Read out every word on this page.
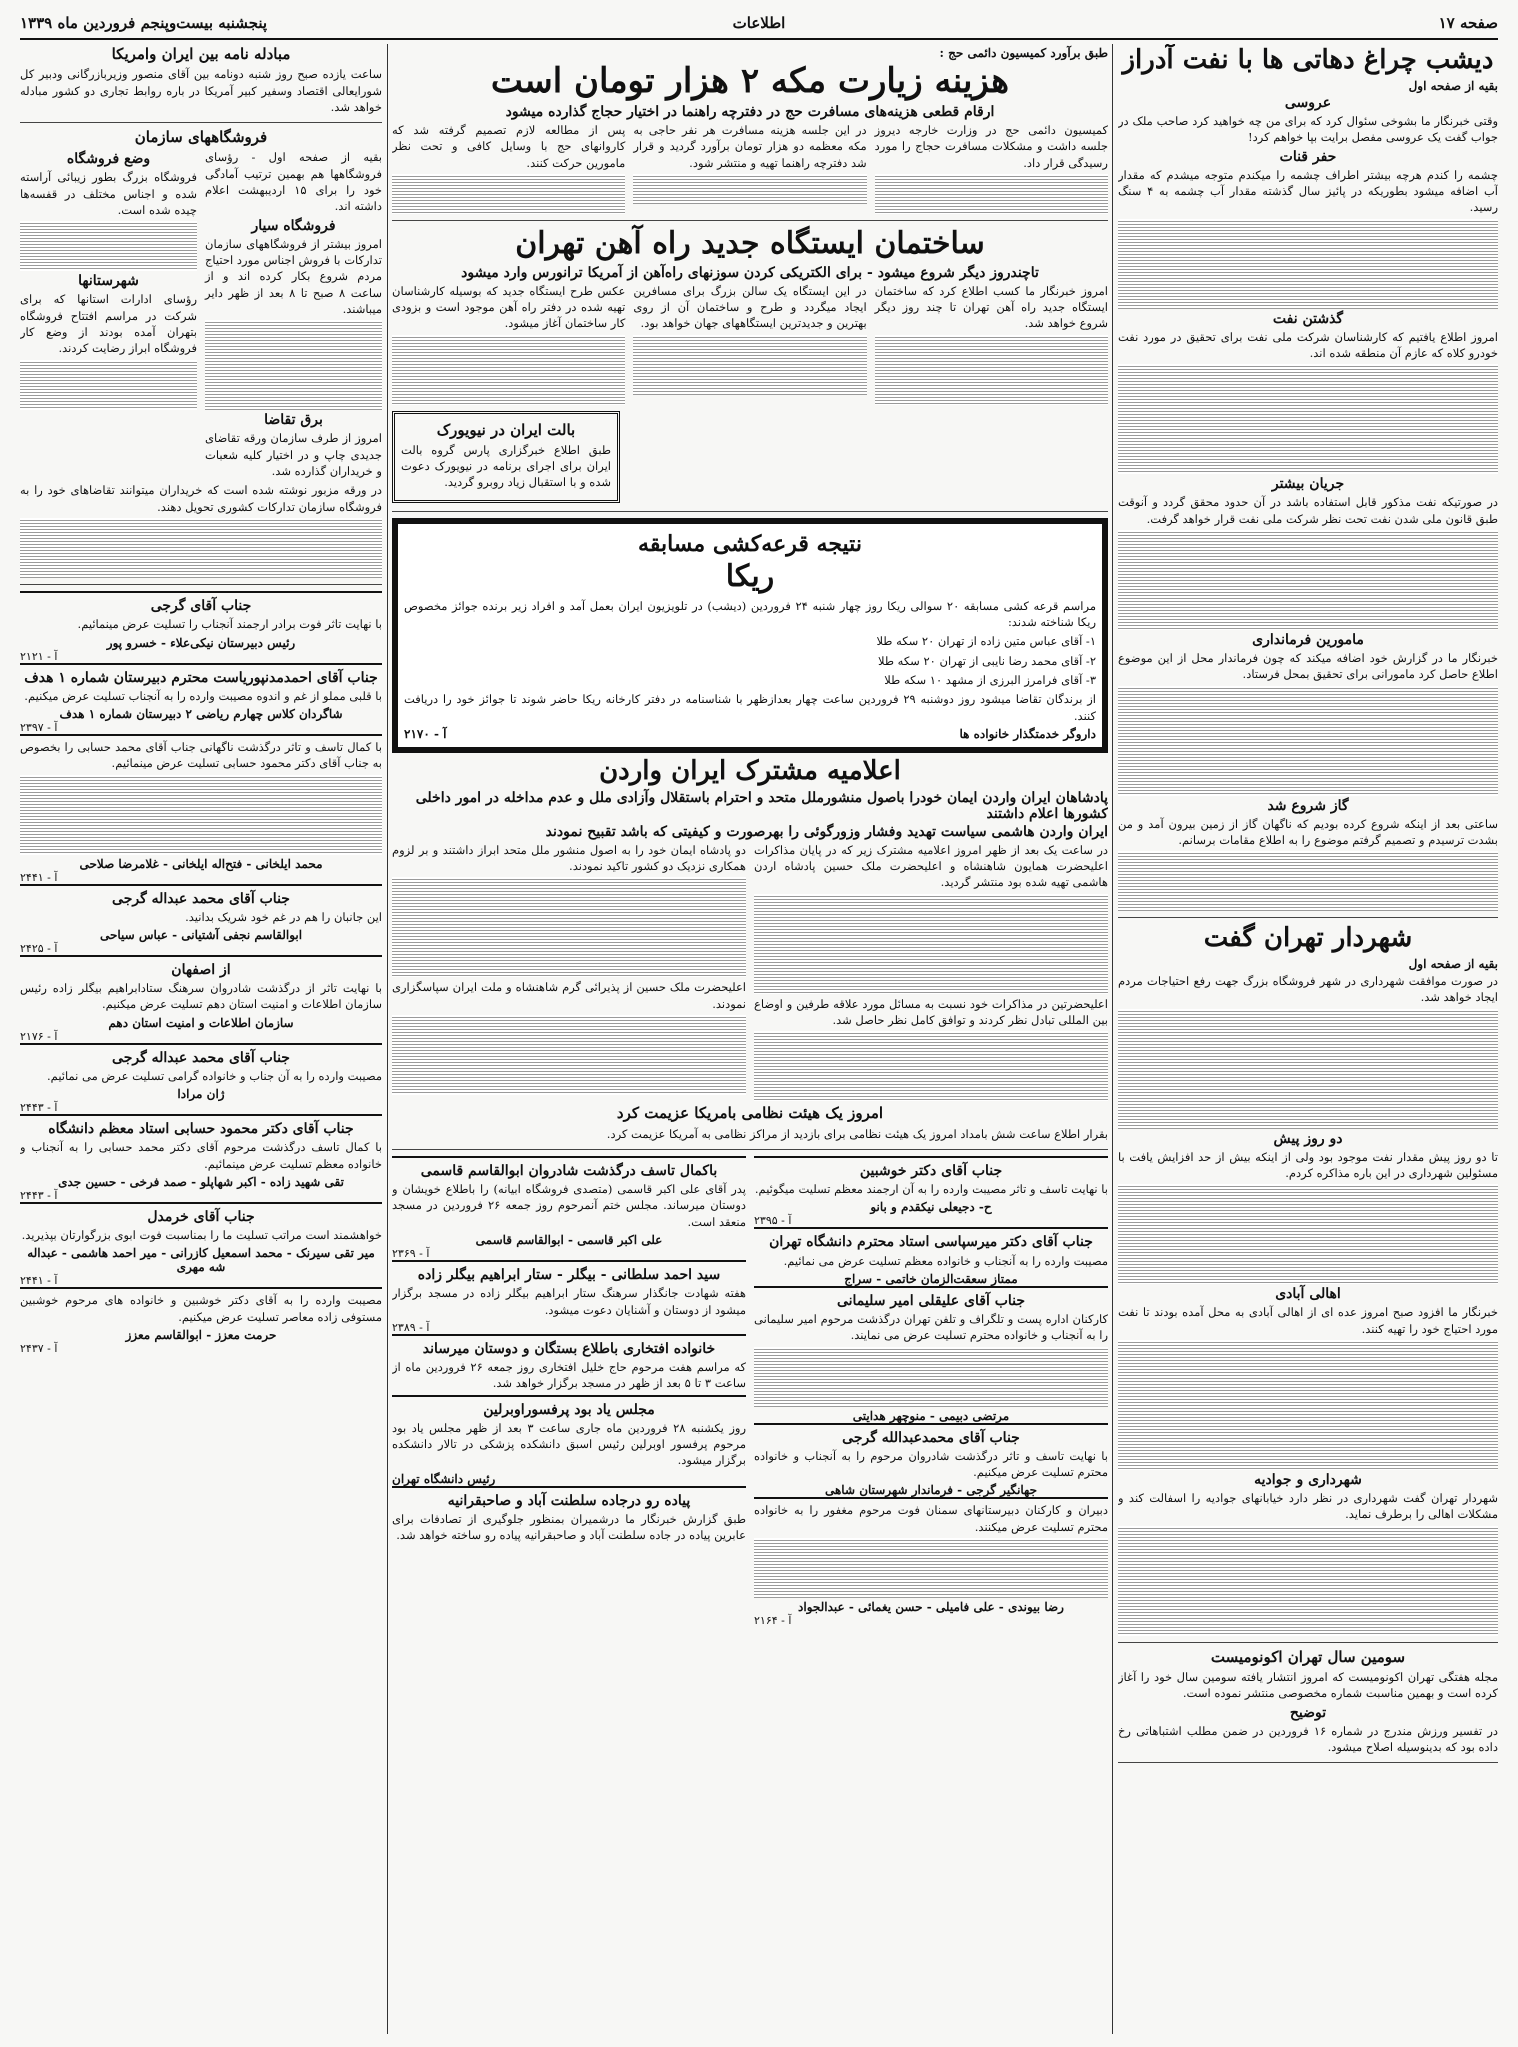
صفحه ۱۷
اطلاعات
پنجشنبه بیست‌وپنجم فروردین ماه ۱۳۳۹
دیشب چراغ دهاتی ها با نفت آدراز
بقیه از صفحه اول
عروسی

وقتی خبرنگار ما بشوخی سئوال کرد که برای من چه خواهید کرد صاحب ملک در جواب گفت یک عروسی مفصل برایت بپا خواهم کرد!

حفر قنات

چشمه را کندم هرچه بیشتر اطراف چشمه را میکندم متوجه میشدم که مقدار آب اضافه میشود بطوریکه در پائیز سال گذشته مقدار آب چشمه به ۴ سنگ رسید.

گذشتن نفت

امروز اطلاع یافتیم که کارشناسان شرکت ملی نفت برای تحقیق در مورد نفت خودرو کلاه که عازم آن منطقه شده اند.

جریان بیشتر

در صورتیکه نفت مذکور قابل استفاده باشد در آن حدود محقق گردد و آنوقت طبق قانون ملی شدن نفت تحت نظر شرکت ملی نفت قرار خواهد گرفت.

مامورین فرمانداری

خبرنگار ما در گزارش خود اضافه میکند که چون فرماندار محل از این موضوع اطلاع حاصل کرد مامورانی برای تحقیق بمحل فرستاد.

گاز شروع شد

ساعتی بعد از اینکه شروع کرده بودیم که ناگهان گاز از زمین بیرون آمد و من بشدت ترسیدم و تصمیم گرفتم موضوع را به اطلاع مقامات برسانم.

شهردار تهران گفت
بقیه از صفحه اول

در صورت موافقت شهرداری در شهر فروشگاه بزرگ جهت رفع احتیاجات مردم ایجاد خواهد شد.

دو روز پیش

تا دو روز پیش مقدار نفت موجود بود ولی از اینکه بیش از حد افزایش یافت با مسئولین شهرداری در این باره مذاکره کردم.

اهالی آبادی

خبرنگار ما افزود صبح امروز عده ای از اهالی آبادی به محل آمده بودند تا نفت مورد احتیاج خود را تهیه کنند.

شهرداری و جوادیه

شهردار تهران گفت شهرداری در نظر دارد خیابانهای جوادیه را اسفالت کند و مشکلات اهالی را برطرف نماید.

سومین سال تهران اکونومیست

مجله هفتگی تهران اکونومیست که امروز انتشار یافته سومین سال خود را آغاز کرده است و بهمین مناسبت شماره مخصوصی منتشر نموده است.

توضیح

در تفسیر ورزش مندرج در شماره ۱۶ فروردین در ضمن مطلب اشتباهاتی رخ داده بود که بدینوسیله اصلاح میشود.

طبق برآورد کمیسیون دائمی حج :
هزینه زیارت مکه ۲ هزار تومان است
ارقام قطعی هزینه‌های مسافرت حج در دفترچه راهنما در اختیار حجاج گذارده میشود

کمیسیون دائمی حج در وزارت خارجه دیروز جلسه داشت و مشکلات مسافرت حجاج را مورد رسیدگی قرار داد.

در این جلسه هزینه مسافرت هر نفر حاجی به مکه معظمه دو هزار تومان برآورد گردید و قرار شد دفترچه راهنما تهیه و منتشر شود.

پس از مطالعه لازم تصمیم گرفته شد که کاروانهای حج با وسایل کافی و تحت نظر مامورین حرکت کنند.

ساختمان ایستگاه جدید راه آهن تهران
تاچندروز دیگر شروع میشود - برای الکتریکی کردن سوزنهای راه‌آهن از آمریکا ترانورس وارد میشود

امروز خبرنگار ما کسب اطلاع کرد که ساختمان ایستگاه جدید راه آهن تهران تا چند روز دیگر شروع خواهد شد.

در این ایستگاه یک سالن بزرگ برای مسافرین ایجاد میگردد و طرح و ساختمان آن از روی بهترین و جدیدترین ایستگاههای جهان خواهد بود.

عکس طرح ایستگاه جدید که بوسیله کارشناسان تهیه شده در دفتر راه آهن موجود است و بزودی کار ساختمان آغاز میشود.

بالت ایران در نیویورک

طبق اطلاع خبرگزاری پارس گروه بالت ایران برای اجرای برنامه در نیویورک دعوت شده و با استقبال زیاد روبرو گردید.

نتیجه قرعه‌کشی مسابقه
ریکا

مراسم قرعه کشی مسابقه ۲۰ سوالی ریکا روز چهار شنبه ۲۴ فروردین (دیشب) در تلویزیون ایران بعمل آمد و افراد زیر برنده جوائز مخصوص ریکا شناخته شدند:

۱- آقای عباس متین زاده از تهران ۲۰ سکه طلا

۲- آقای محمد رضا نایبی از تهران ۲۰ سکه طلا

۳- آقای فرامرز البرزی از مشهد ۱۰ سکه طلا

از برندگان تقاضا میشود روز دوشنبه ۲۹ فروردین ساعت چهار بعدازظهر با شناسنامه در دفتر کارخانه ریکا حاضر شوند تا جوائز خود را دریافت کنند.

داروگر خدمتگذار خانواده ها
آ - ۲۱۷۰
اعلامیه مشترک ایران واردن
پادشاهان ایران واردن ایمان خودرا باصول منشورملل متحد و احترام باستقلال وآزادی ملل و عدم مداخله در امور داخلی کشورها اعلام داشتند
ایران واردن هاشمی سیاست تهدید وفشار وزورگوئی را بهرصورت و کیفیتی که باشد تقبیح نمودند

در ساعت یک بعد از ظهر امروز اعلامیه مشترک زیر که در پایان مذاکرات اعلیحضرت همایون شاهنشاه و اعلیحضرت ملک حسین پادشاه اردن هاشمی تهیه شده بود منتشر گردید.

اعلیحضرتین در مذاکرات خود نسبت به مسائل مورد علاقه طرفین و اوضاع بین المللی تبادل نظر کردند و توافق کامل نظر حاصل شد.

دو پادشاه ایمان خود را به اصول منشور ملل متحد ابراز داشتند و بر لزوم همکاری نزدیک دو کشور تاکید نمودند.

اعلیحضرت ملک حسین از پذیرائی گرم شاهنشاه و ملت ایران سپاسگزاری نمودند.

امروز یک هیئت نظامی بامریکا عزیمت کرد

بقرار اطلاع ساعت شش بامداد امروز یک هیئت نظامی برای بازدید از مراکز نظامی به آمریکا عزیمت کرد.

جناب آقای دکتر خوشبین

با نهایت تاسف و تاثر مصیبت وارده را به آن ارجمند معظم تسلیت میگوئیم.

ح- دجیعلی نیکقدم و بانو
آ - ۲۳۹۵
جناب آقای دکتر میرسپاسی استاد محترم دانشگاه تهران

مصیبت وارده را به آنجناب و خانواده معظم تسلیت عرض می نمائیم.

ممتاز سعقت‌الزمان خاتمی - سراج
جناب آقای علیقلی امیر سلیمانی

کارکنان اداره پست و تلگراف و تلفن تهران درگذشت مرحوم امیر سلیمانی را به آنجناب و خانواده محترم تسلیت عرض می نمایند.

مرتضی دبیمی - منوچهر هدایتی
جناب آقای محمدعبدالله گرجی

با نهایت تاسف و تاثر درگذشت شادروان مرحوم را به آنجناب و خانواده محترم تسلیت عرض میکنیم.

جهانگیر گرجی - فرماندار شهرستان شاهی

دبیران و کارکنان دبیرستانهای سمنان فوت مرحوم مغفور را به خانواده محترم تسلیت عرض میکنند.

رضا بیوندی - علی فامیلی - حسن یغمائی - عبدالجواد
آ - ۲۱۶۴
باکمال تاسف درگذشت شادروان ابوالقاسم قاسمی

پدر آقای علی اکبر قاسمی (متصدی فروشگاه ابیانه) را باطلاع خویشان و دوستان میرساند. مجلس ختم آنمرحوم روز جمعه ۲۶ فروردین در مسجد منعقد است.

علی اکبر قاسمی - ابوالقاسم قاسمی
آ - ۲۳۶۹
سید احمد سلطانی - بیگلر - ستار ابراهیم بیگلر زاده

هفته شهادت جانگذار سرهنگ ستار ابراهیم بیگلر زاده در مسجد برگزار میشود از دوستان و آشنایان دعوت میشود.

آ - ۲۳۸۹
خانواده افتخاری باطلاع بستگان و دوستان میرساند

که مراسم هفت مرحوم حاج خلیل افتخاری روز جمعه ۲۶ فروردین ماه از ساعت ۳ تا ۵ بعد از ظهر در مسجد برگزار خواهد شد.

مجلس یاد بود پرفسوراوبرلین

روز یکشنبه ۲۸ فروردین ماه جاری ساعت ۳ بعد از ظهر مجلس یاد بود مرحوم پرفسور اوبرلین رئیس اسبق دانشکده پزشکی در تالار دانشکده برگزار میشود.

رئیس دانشگاه تهران
پیاده رو درجاده سلطنت آباد و صاحبقرانیه

طبق گزارش خبرنگار ما درشمیران بمنظور جلوگیری از تصادفات برای عابرین پیاده در جاده سلطنت آباد و صاحبقرانیه پیاده رو ساخته خواهد شد.

مبادله نامه بین ایران وامریکا

ساعت یازده صبح روز شنبه دونامه بین آقای منصور وزیربازرگانی ودبیر کل شورایعالی اقتصاد وسفیر کبیر آمریکا در باره روابط تجاری دو کشور مبادله خواهد شد.

فروشگاههای سازمان

بقیه از صفحه اول - رؤسای فروشگاهها هم بهمین ترتیب آمادگی خود را برای ۱۵ اردیبهشت اعلام داشته اند.

فروشگاه سیار

امروز بیشتر از فروشگاههای سازمان تدارکات با فروش اجناس مورد احتیاج مردم شروع بکار کرده اند و از ساعت ۸ صبح تا ۸ بعد از ظهر دایر میباشند.

برق تقاضا

امروز از طرف سازمان ورقه تقاضای جدیدی چاپ و در اختیار کلیه شعبات و خریداران گذارده شد.

وضع فروشگاه

فروشگاه بزرگ بطور زیبائی آراسته شده و اجناس مختلف در قفسه‌ها چیده شده است.

شهرستانها

رؤسای ادارات استانها که برای شرکت در مراسم افتتاح فروشگاه بتهران آمده بودند از وضع کار فروشگاه ابراز رضایت کردند.

در ورقه مزبور نوشته شده است که خریداران میتوانند تقاضاهای خود را به فروشگاه سازمان تدارکات کشوری تحویل دهند.

جناب آقای گرجی

با نهایت تاثر فوت برادر ارجمند آنجناب را تسلیت عرض مینمائیم.

رئیس دبیرستان نیکی‌علاء - خسرو پور
آ - ۲۱۲۱
جناب آقای احمدمدنپوریاست محترم دبیرستان شماره ۱ هدف

با قلبی مملو از غم و اندوه مصیبت وارده را به آنجناب تسلیت عرض میکنیم.

شاگردان کلاس چهارم ریاضی ۲ دبیرستان شماره ۱ هدف
آ - ۲۳۹۷

با کمال تاسف و تاثر درگذشت ناگهانی جناب آقای محمد حسابی را بخصوص به جناب آقای دکتر محمود حسابی تسلیت عرض مینمائیم.

محمد ایلخانی - فتح‌اله ایلخانی - غلامرضا صلاحی
آ - ۲۴۴۱
جناب آقای محمد عبداله گرجی

این جانبان را هم در غم خود شریک بدانید.

ابوالقاسم نجفی آشتیانی - عباس سیاحی
آ - ۲۴۲۵
از اصفهان

با نهایت تاثر از درگذشت شادروان سرهنگ ستادابراهیم بیگلر زاده رئیس سازمان اطلاعات و امنیت استان دهم تسلیت عرض میکنیم.

سازمان اطلاعات و امنیت استان دهم
آ - ۲۱۷۶
جناب آقای محمد عبداله گرجی

مصیبت وارده را به آن جناب و خانواده گرامی تسلیت عرض می نمائیم.

ژان مرادا
آ - ۲۴۴۳
جناب آقای دکتر محمود حسابی استاد معظم دانشگاه

با کمال تاسف درگذشت مرحوم آقای دکتر محمد حسابی را به آنجناب و خانواده معظم تسلیت عرض مینمائیم.

تقی شهید زاده - اکبر شهاپلو - صمد فرخی - حسین جدی
آ - ۲۴۴۳
جناب آقای خرمدل

خواهشمند است مراتب تسلیت ما را بمناسبت فوت ابوی بزرگوارتان بپذیرید.

میر تقی سیرنک - محمد اسمعیل کازرانی - میر احمد هاشمی - عبداله شه مهری
آ - ۲۴۴۱

مصیبت وارده را به آقای دکتر خوشبین و خانواده های مرحوم خوشبین مستوفی زاده معاصر تسلیت عرض میکنیم.

حرمت معزز - ابوالقاسم معزز
آ - ۲۴۳۷
